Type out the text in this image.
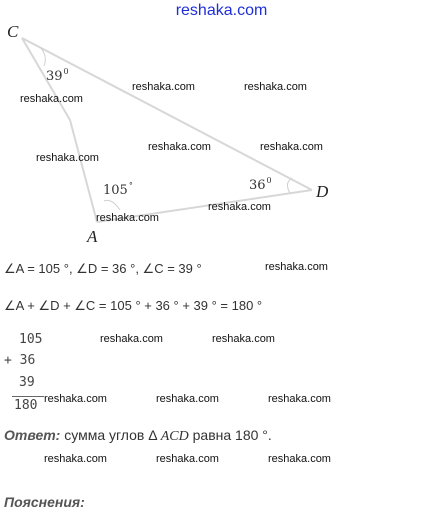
reshaka.com
C
A
D
$39^0$
105°	$36^0$
reshaka.com
reshaka.com	reshaka.com
reshaka.com
reshaka.com	reshaka.com
reshaka.com
reshaka.com
∠A = 105 °, ∠D = 36 °, ∠C = 39 °	reshaka.com
∠A + ∠D + ∠C = 105 ° + 36 ° + 39 ° = 180 °
105
+ 36
39
180
reshaka.com	reshaka.com
reshaka.com	reshaka.com	reshaka.com
Ответ: сумма углов Δ ACD равна 180 °.
reshaka.com	reshaka.com	reshaka.com
Пояснения:
